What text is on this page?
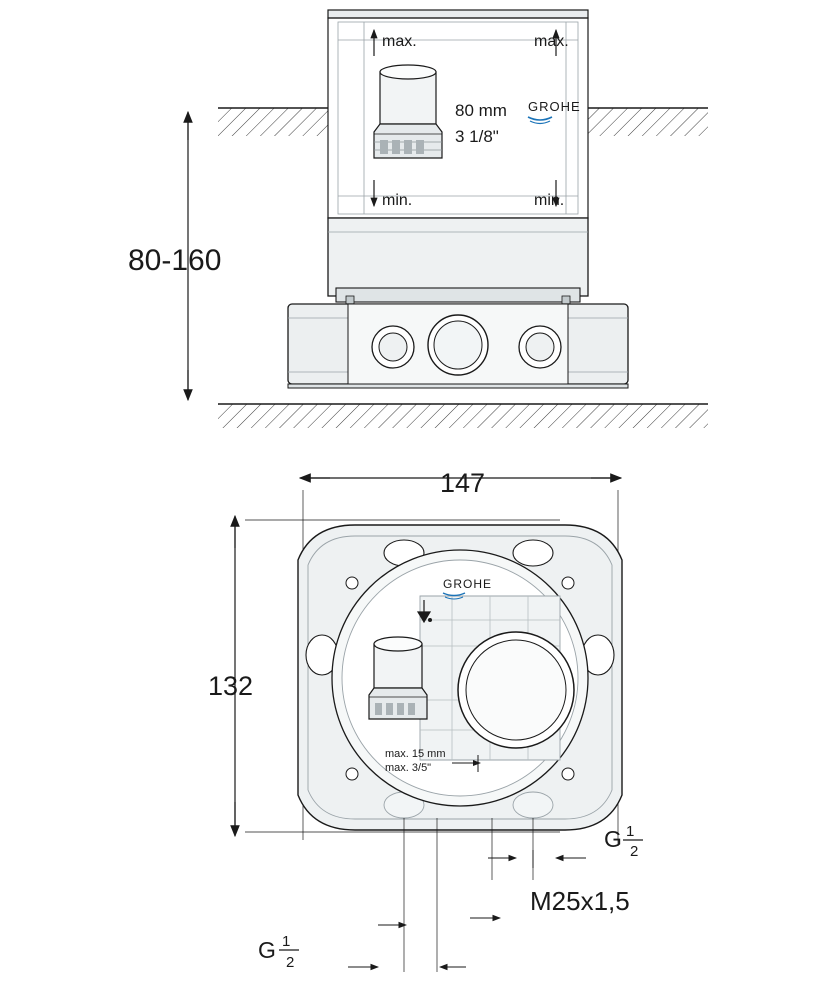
max.	max.
min.	min.
80 mm
3 1/8"
GROHE
80-160
147
132
GROHE
max. 15 mm
max. 3/5"
G 1
2
M25x1,5
G 1
2
